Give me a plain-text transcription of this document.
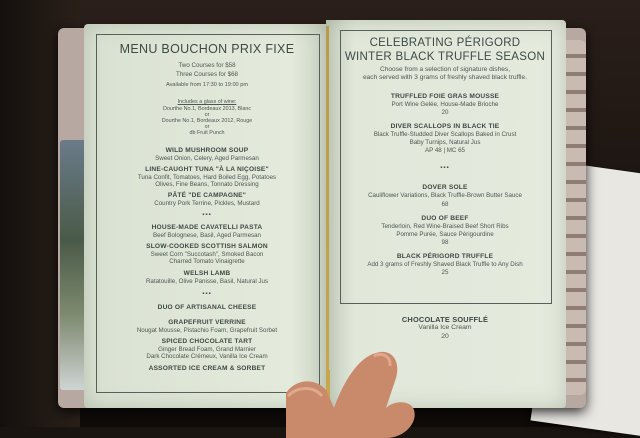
MENU BOUCHON PRIX FIXE
Two Courses for $58
Three Courses for $68
Available from 17:30 to 19:00 pm
Includes a glass of wine:
Dourthe No.1, Bordeaux 2013, Blanc
or
Dourthe No.1, Bordeaux 2012, Rouge
or
db Fruit Punch
WILD MUSHROOM SOUP
Sweet Onion, Celery, Aged Parmesan
LINE-CAUGHT TUNA "À LA NIÇOISE"
Tuna Confit, Tomatoes, Hard Boiled Egg, Potatoes
Olives, Fine Beans, Tonnato Dressing
PÂTÉ "DE CAMPAGNE"
Country Pork Terrine, Pickles, Mustard
▪▪▪
HOUSE-MADE CAVATELLI PASTA
Beef Bolognese, Basil, Aged Parmesan
SLOW-COOKED SCOTTISH SALMON
Sweet Corn "Succotash", Smoked Bacon
Charred Tomato Vinaigrette
WELSH LAMB
Ratatouille, Olive Panisse, Basil, Natural Jus
▪▪▪
DUO OF ARTISANAL CHEESE
GRAPEFRUIT VERRINE
Nougat Mousse, Pistachio Foam, Grapefruit Sorbet
SPICED CHOCOLATE TART
Ginger Bread Foam, Grand Marnier
Dark Chocolate Crémeux, Vanilla Ice Cream
ASSORTED ICE CREAM & SORBET
CELEBRATING PÉRIGORD
WINTER BLACK TRUFFLE SEASON
Choose from a selection of signature dishes,
each served with 3 grams of freshly shaved black truffle.
TRUFFLED FOIE GRAS MOUSSE
Port Wine Gelée, House-Made Brioche
20
DIVER SCALLOPS IN BLACK TIE
Black Truffle-Studded Diver Scallops Baked in Crust
Baby Turnips, Natural Jus
AP 48 | MC 65
▪▪▪
DOVER SOLE
Cauliflower Variations, Black Truffle-Brown Butter Sauce
68
DUO OF BEEF
Tenderloin, Red Wine-Braised Beef Short Ribs
Pomme Purée, Sauce Périgourdine
98
BLACK PÉRIGORD TRUFFLE
Add 3 grams of Freshly Shaved Black Truffle to Any Dish
25
CHOCOLATE SOUFFLÉ
Vanilla Ice Cream
20
